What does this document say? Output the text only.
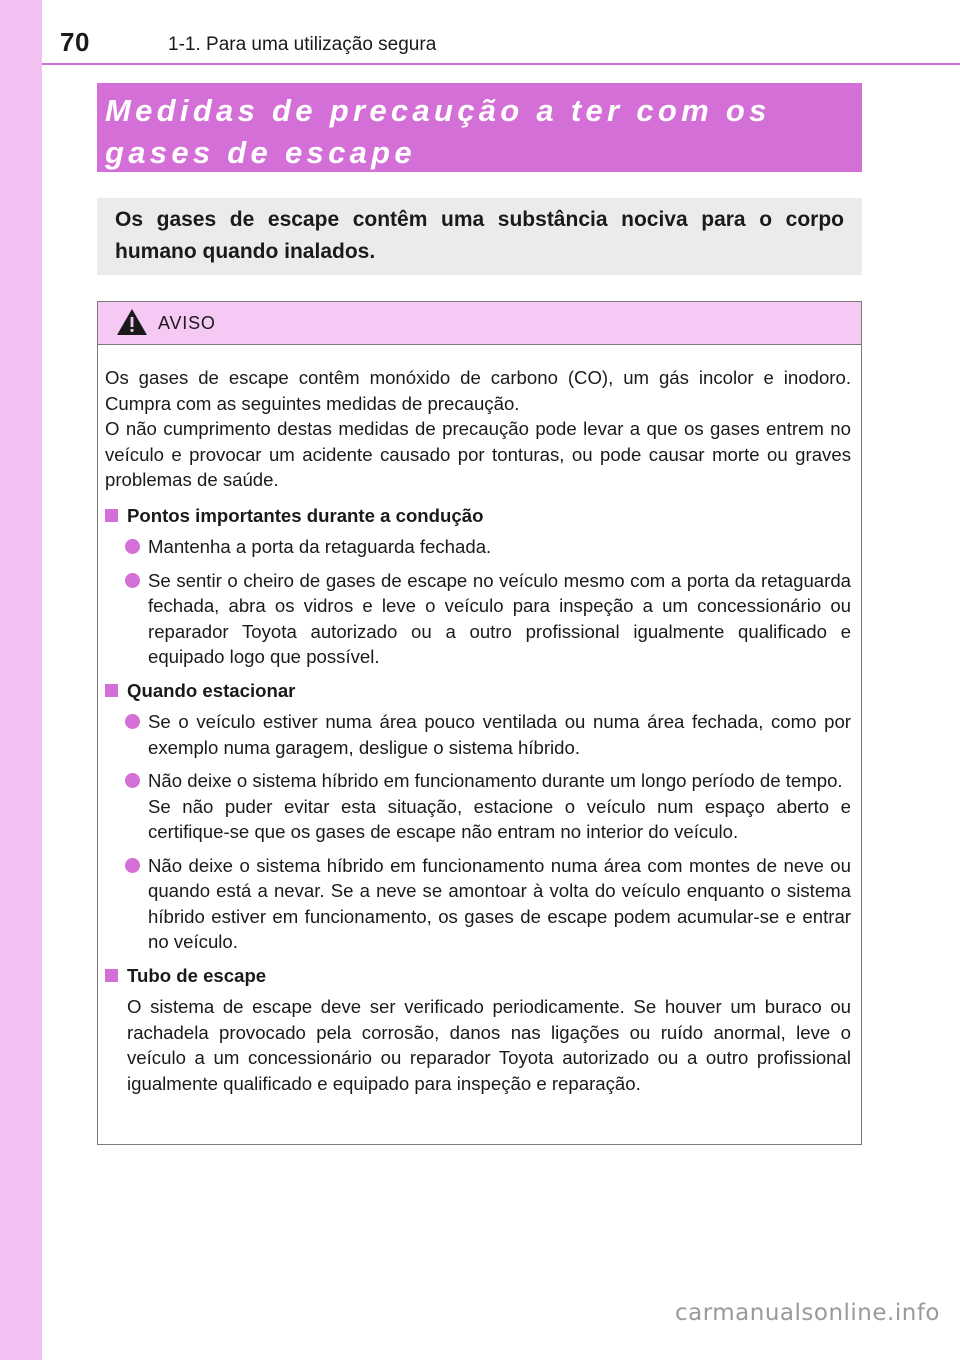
70	1-1. Para uma utilização segura
Medidas de precaução a ter com os gases de escape

Os gases de escape contêm uma substância nociva para o corpo humano quando inalados.

AVISO

Os gases de escape contêm monóxido de carbono (CO), um gás incolor e inodoro. Cumpra com as seguintes medidas de precaução.
O não cumprimento destas medidas de precaução pode levar a que os gases entrem no veículo e provocar um acidente causado por tonturas, ou pode causar morte ou graves problemas de saúde.

Pontos importantes durante a condução
Mantenha a porta da retaguarda fechada.
Se sentir o cheiro de gases de escape no veículo mesmo com a porta da retaguarda fechada, abra os vidros e leve o veículo para inspeção a um concessionário ou reparador Toyota autorizado ou a outro profissional igualmente qualificado e equipado logo que possível.
Quando estacionar
Se o veículo estiver numa área pouco ventilada ou numa área fechada, como por exemplo numa garagem, desligue o sistema híbrido.
Não deixe o sistema híbrido em funcionamento durante um longo período de tempo.
Se não puder evitar esta situação, estacione o veículo num espaço aberto e certifique-se que os gases de escape não entram no interior do veículo.
Não deixe o sistema híbrido em funcionamento numa área com montes de neve ou quando está a nevar. Se a neve se amontoar à volta do veículo enquanto o sistema híbrido estiver em funcionamento, os gases de escape podem acumular-se e entrar no veículo.
Tubo de escape

O sistema de escape deve ser verificado periodicamente. Se houver um buraco ou rachadela provocado pela corrosão, danos nas ligações ou ruído anormal, leve o veículo a um concessionário ou reparador Toyota autorizado ou a outro profissional igualmente qualificado e equipado para inspeção e reparação.

carmanualsonline.info
